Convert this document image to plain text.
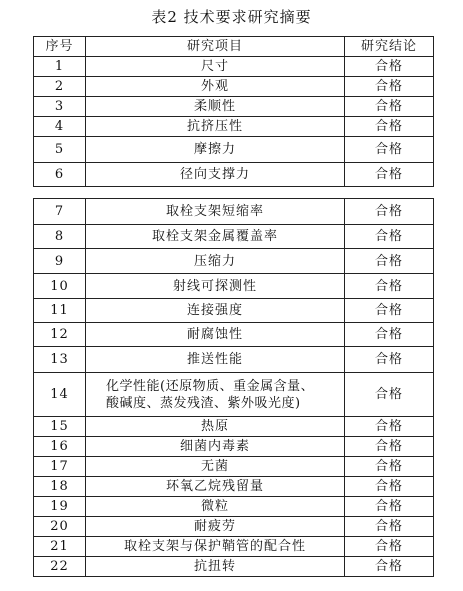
表2 技术要求研究摘要
序号	研究项目	研究结论
1	尺寸	合格
2	外观	合格
3	柔顺性	合格
4	抗挤压性	合格
5	摩擦力	合格
6	径向支撑力	合格
7	取栓支架短缩率	合格
8	取栓支架金属覆盖率	合格
9	压缩力	合格
10	射线可探测性	合格
11	连接强度	合格
12	耐腐蚀性	合格
13	推送性能	合格
14	化学性能(还原物质、重金属含量、
酸碱度、蒸发残渣、紫外吸光度)	合格
15	热原	合格
16	细菌内毒素	合格
17	无菌	合格
18	环氧乙烷残留量	合格
19	微粒	合格
20	耐疲劳	合格
21	取栓支架与保护鞘管的配合性	合格
22	抗扭转	合格
